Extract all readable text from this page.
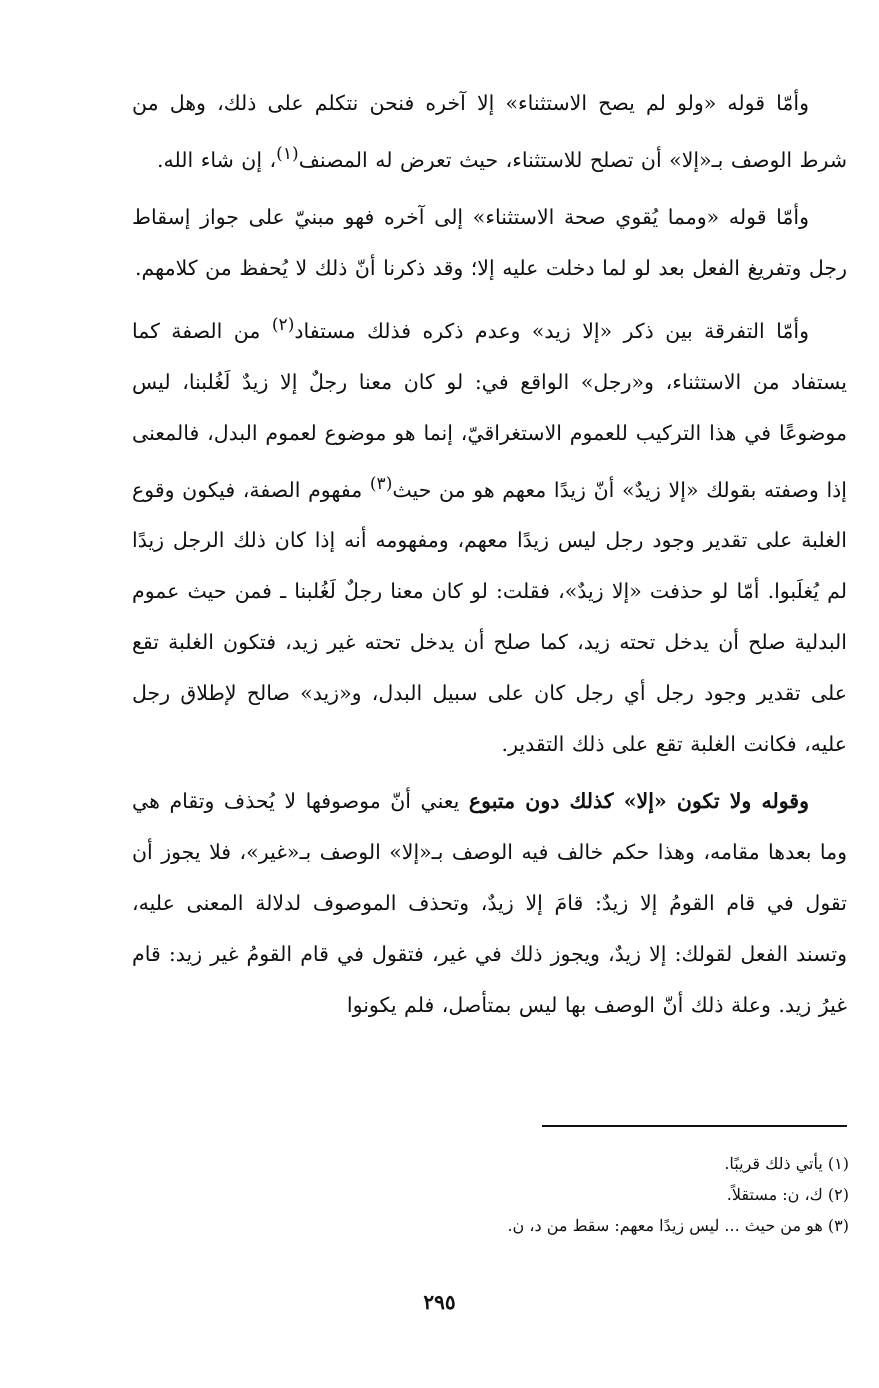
وأمّا قوله «ولو لم يصح الاستثناء» إلا آخره فنحن نتكلم على ذلك، وهل من شرط الوصف بـ«إلا» أن تصلح للاستثناء، حيث تعرض له المصنف$^{(١)}$، إن شاء الله.

وأمّا قوله «ومما يُقوي صحة الاستثناء» إلى آخره فهو مبنيّ على جواز إسقاط رجل وتفريغ الفعل بعد لو لما دخلت عليه إلا؛ وقد ذكرنا أنّ ذلك لا يُحفظ من كلامهم.

وأمّا التفرقة بين ذكر «إلا زيد» وعدم ذكره فذلك مستفاد$^{(٢)}$ من الصفة كما يستفاد من الاستثناء، و«رجل» الواقع في: لو كان معنا رجلٌ إلا زيدٌ لَغُلبنا، ليس موضوعًا في هذا التركيب للعموم الاستغراقيّ، إنما هو موضوع لعموم البدل، فالمعنى إذا وصفته بقولك «إلا زيدٌ» أنّ زيدًا معهم هو من حيث$^{(٣)}$ مفهوم الصفة، فيكون وقوع الغلبة على تقدير وجود رجل ليس زيدًا معهم، ومفهومه أنه إذا كان ذلك الرجل زيدًا لم يُغلَبوا. أمّا لو حذفت «إلا زيدٌ»، فقلت: لو كان معنا رجلٌ لَغُلبنا ـ فمن حيث عموم البدلية صلح أن يدخل تحته زيد، كما صلح أن يدخل تحته غير زيد، فتكون الغلبة تقع على تقدير وجود رجل أي رجل كان على سبيل البدل، و«زيد» صالح لإطلاق رجل عليه، فكانت الغلبة تقع على ذلك التقدير.

وقوله ولا تكون «إلا» كذلك دون متبوع يعني أنّ موصوفها لا يُحذف وتقام هي وما بعدها مقامه، وهذا حكم خالف فيه الوصف بـ«إلا» الوصف بـ«غير»، فلا يجوز أن تقول في قام القومُ إلا زيدٌ: قامَ إلا زيدٌ، وتحذف الموصوف لدلالة المعنى عليه، وتسند الفعل لقولك: إلا زيدٌ، ويجوز ذلك في غير، فتقول في قام القومُ غير زيد: قام غيرُ زيد. وعلة ذلك أنّ الوصف بها ليس بمتأصل، فلم يكونوا

(١) يأتي ذلك قريبًا.

(٢) ك، ن: مستقلاً.

(٣) هو من حيث ... ليس زيدًا معهم: سقط من د، ن.

٢٩٥
